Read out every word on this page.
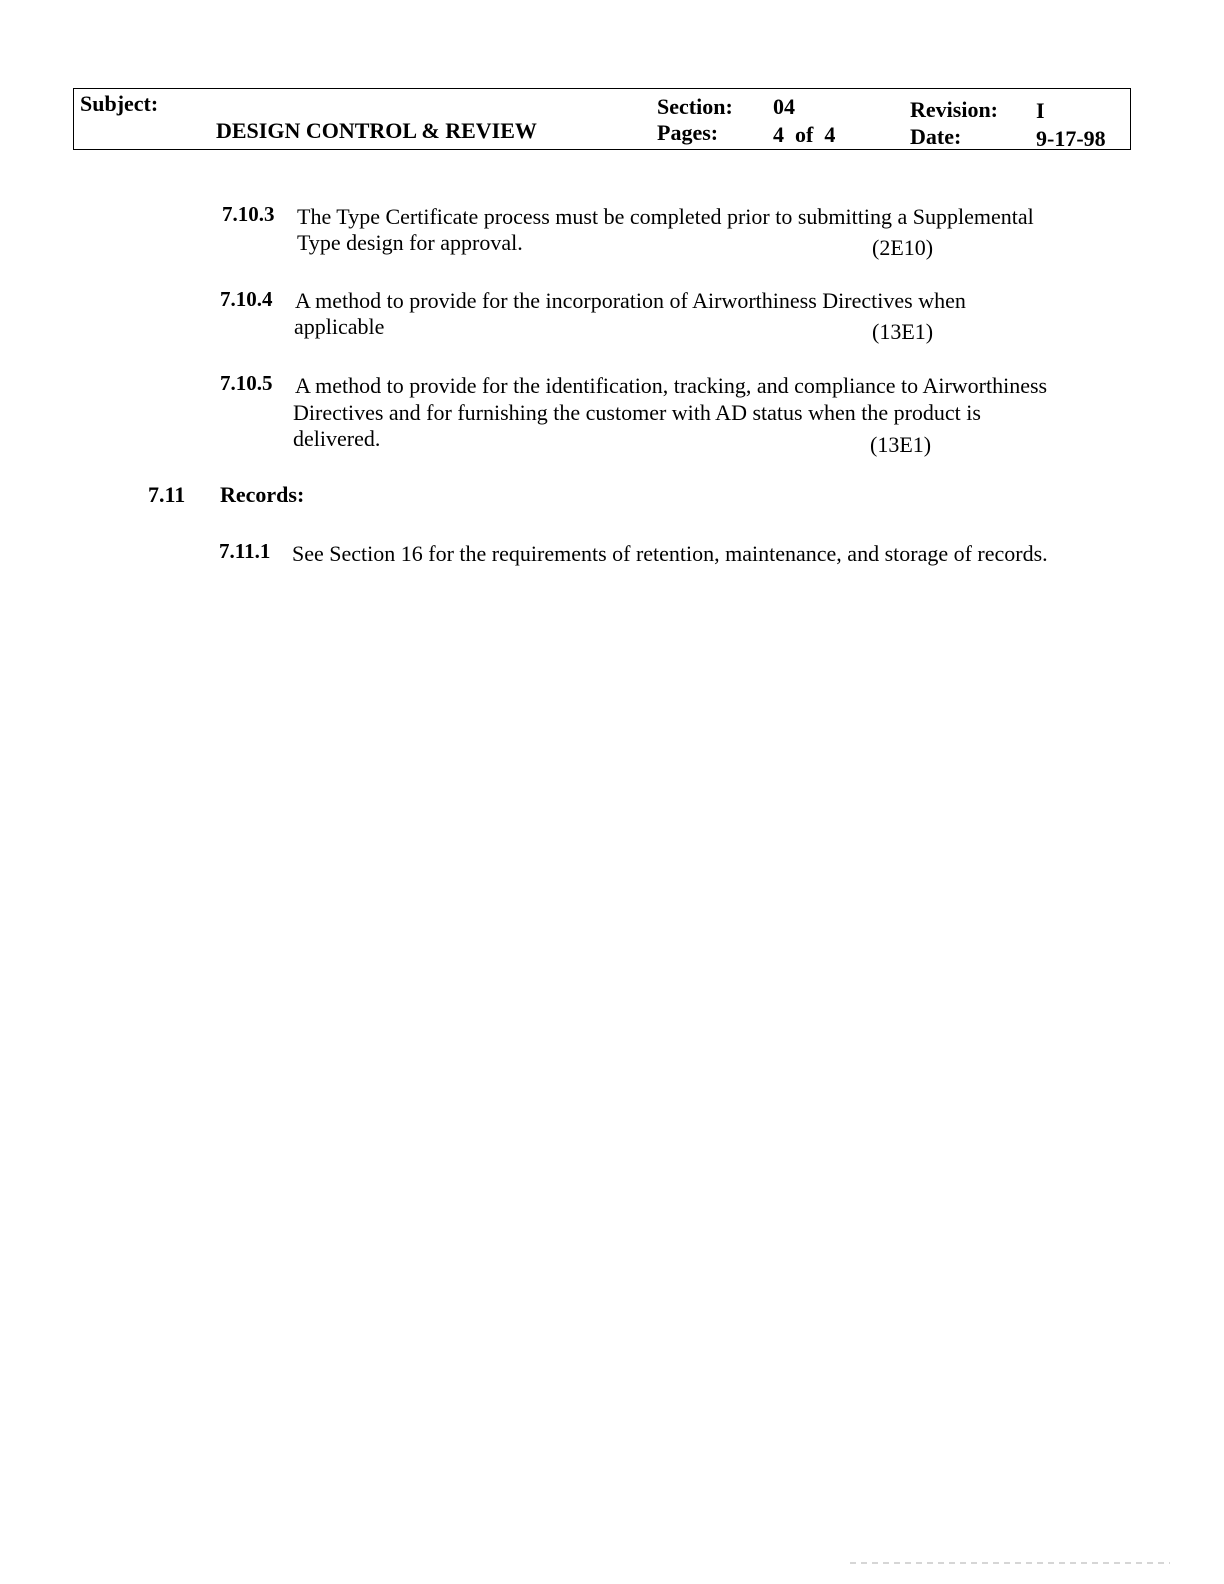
Subject:
DESIGN CONTROL & REVIEW
Section: 04
Pages: 4  of  4
Revision: I
Date:	9-17-98
7.10.3 The Type Certificate process must be completed prior to submitting a Supplemental
Type design for approval.	(2E10)
7.10.4 A method to provide for the incorporation of Airworthiness Directives when
applicable	(13E1)
7.10.5 A method to provide for the identification, tracking, and compliance to Airworthiness
Directives and for furnishing the customer with AD status when the product is
delivered.	(13E1)
7.11 Records:
7.11.1 See Section 16 for the requirements of retention, maintenance, and storage of records.
